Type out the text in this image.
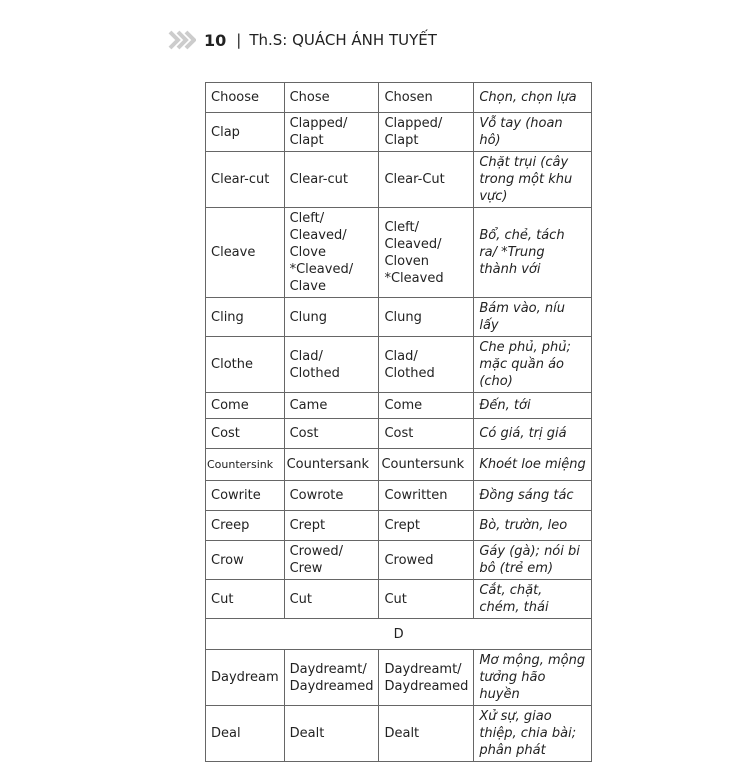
10 | Th.S: QUÁCH ÁNH TUYẾT
Choose	Chose	Chosen	Chọn, chọn lựa
Clap	Clapped/ Clapt	Clapped/ Clapt	Vỗ tay (hoan hô)
Clear-cut	Clear-cut	Clear-Cut	Chặt trụi (cây trong một khu vực)
Cleave	Cleft/ Cleaved/ Clove *Cleaved/ Clave	Cleft/ Cleaved/ Cloven *Cleaved	Bổ, chẻ, tách ra/ *Trung thành với
Cling	Clung	Clung	Bám vào, níu lấy
Clothe	Clad/ Clothed	Clad/ Clothed	Che phủ, phủ; mặc quần áo (cho)
Come	Came	Come	Đến, tới
Cost	Cost	Cost	Có giá, trị giá
Countersink	Countersank	Countersunk	Khoét loe miệng
Cowrite	Cowrote	Cowritten	Đồng sáng tác
Creep	Crept	Crept	Bò, trườn, leo
Crow	Crowed/ Crew	Crowed	Gáy (gà); nói bi bô (trẻ em)
Cut	Cut	Cut	Cắt, chặt, chém, thái
D			
Daydream	Daydreamt/ Daydreamed	Daydreamt/ Daydreamed	Mơ mộng, mộng tưởng hão huyền
Deal	Dealt	Dealt	Xử sự, giao thiệp, chia bài; phân phát
